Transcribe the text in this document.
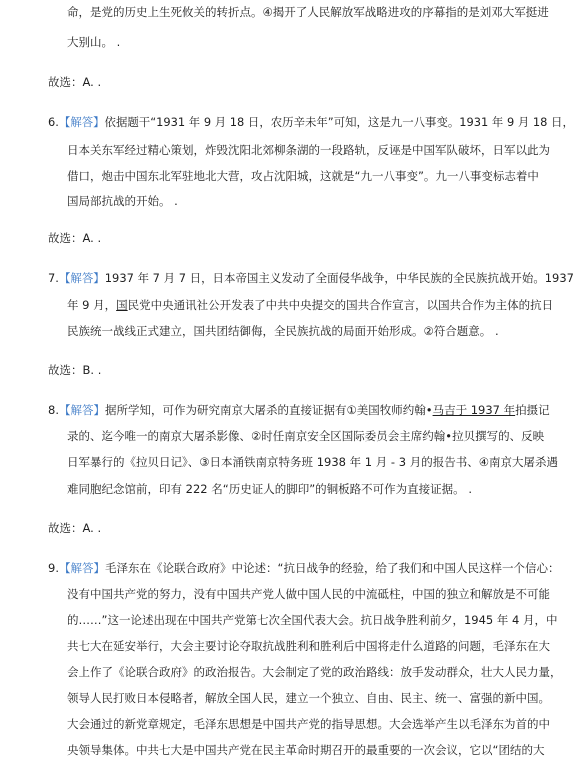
命，是党的历史上生死攸关的转折点。④揭开了人民解放军战略进攻的序幕指的是刘邓大军挺进
大别山。 .
故选：A. .
6.【解答】依据题干“1931 年 9 月 18 日，农历辛未年”可知，这是九一八事变。1931 年 9 月 18 日，
日本关东军经过精心策划，炸毁沈阳北郊柳条湖的一段路轨，反诬是中国军队破坏，日军以此为
借口，炮击中国东北军驻地北大营，攻占沈阳城，这就是“九一八事变”。九一八事变标志着中
国局部抗战的开始。 .
故选：A. .
7.【解答】1937 年 7 月 7 日，日本帝国主义发动了全面侵华战争，中华民族的全民族抗战开始。1937
年 9 月，国民党中央通讯社公开发表了中共中央提交的国共合作宣言，以国共合作为主体的抗日
民族统一战线正式建立，国共团结御侮，全民族抗战的局面开始形成。②符合题意。 .
故选：B. .
8.【解答】据所学知，可作为研究南京大屠杀的直接证据有①美国牧师约翰•马吉于 1937 年拍摄记
录的、迄今唯一的南京大屠杀影像、②时任南京安全区国际委员会主席约翰•拉贝撰写的、反映
日军暴行的《拉贝日记》、③日本涌铁南京特务班 1938 年 1 月 - 3 月的报告书、④南京大屠杀遇
难同胞纪念馆前，印有 222 名“历史证人的脚印”的铜板路不可作为直接证据。 .
故选：A. .
9.【解答】毛泽东在《论联合政府》中论述：“抗日战争的经验，给了我们和中国人民这样一个信心：
没有中国共产党的努力，没有中国共产党人做中国人民的中流砥柱，中国的独立和解放是不可能
的……”这一论述出现在中国共产党第七次全国代表大会。抗日战争胜利前夕，1945 年 4 月，中
共七大在延安举行，大会主要讨论夺取抗战胜利和胜利后中国将走什么道路的问题，毛泽东在大
会上作了《论联合政府》的政治报告。大会制定了党的政治路线：放手发动群众，壮大人民力量，
领导人民打败日本侵略者，解放全国人民，建立一个独立、自由、民主、统一、富强的新中国。
大会通过的新党章规定，毛泽东思想是中国共产党的指导思想。大会选举产生以毛泽东为首的中
央领导集体。中共七大是中国共产党在民主革命时期召开的最重要的一次会议，它以“团结的大
